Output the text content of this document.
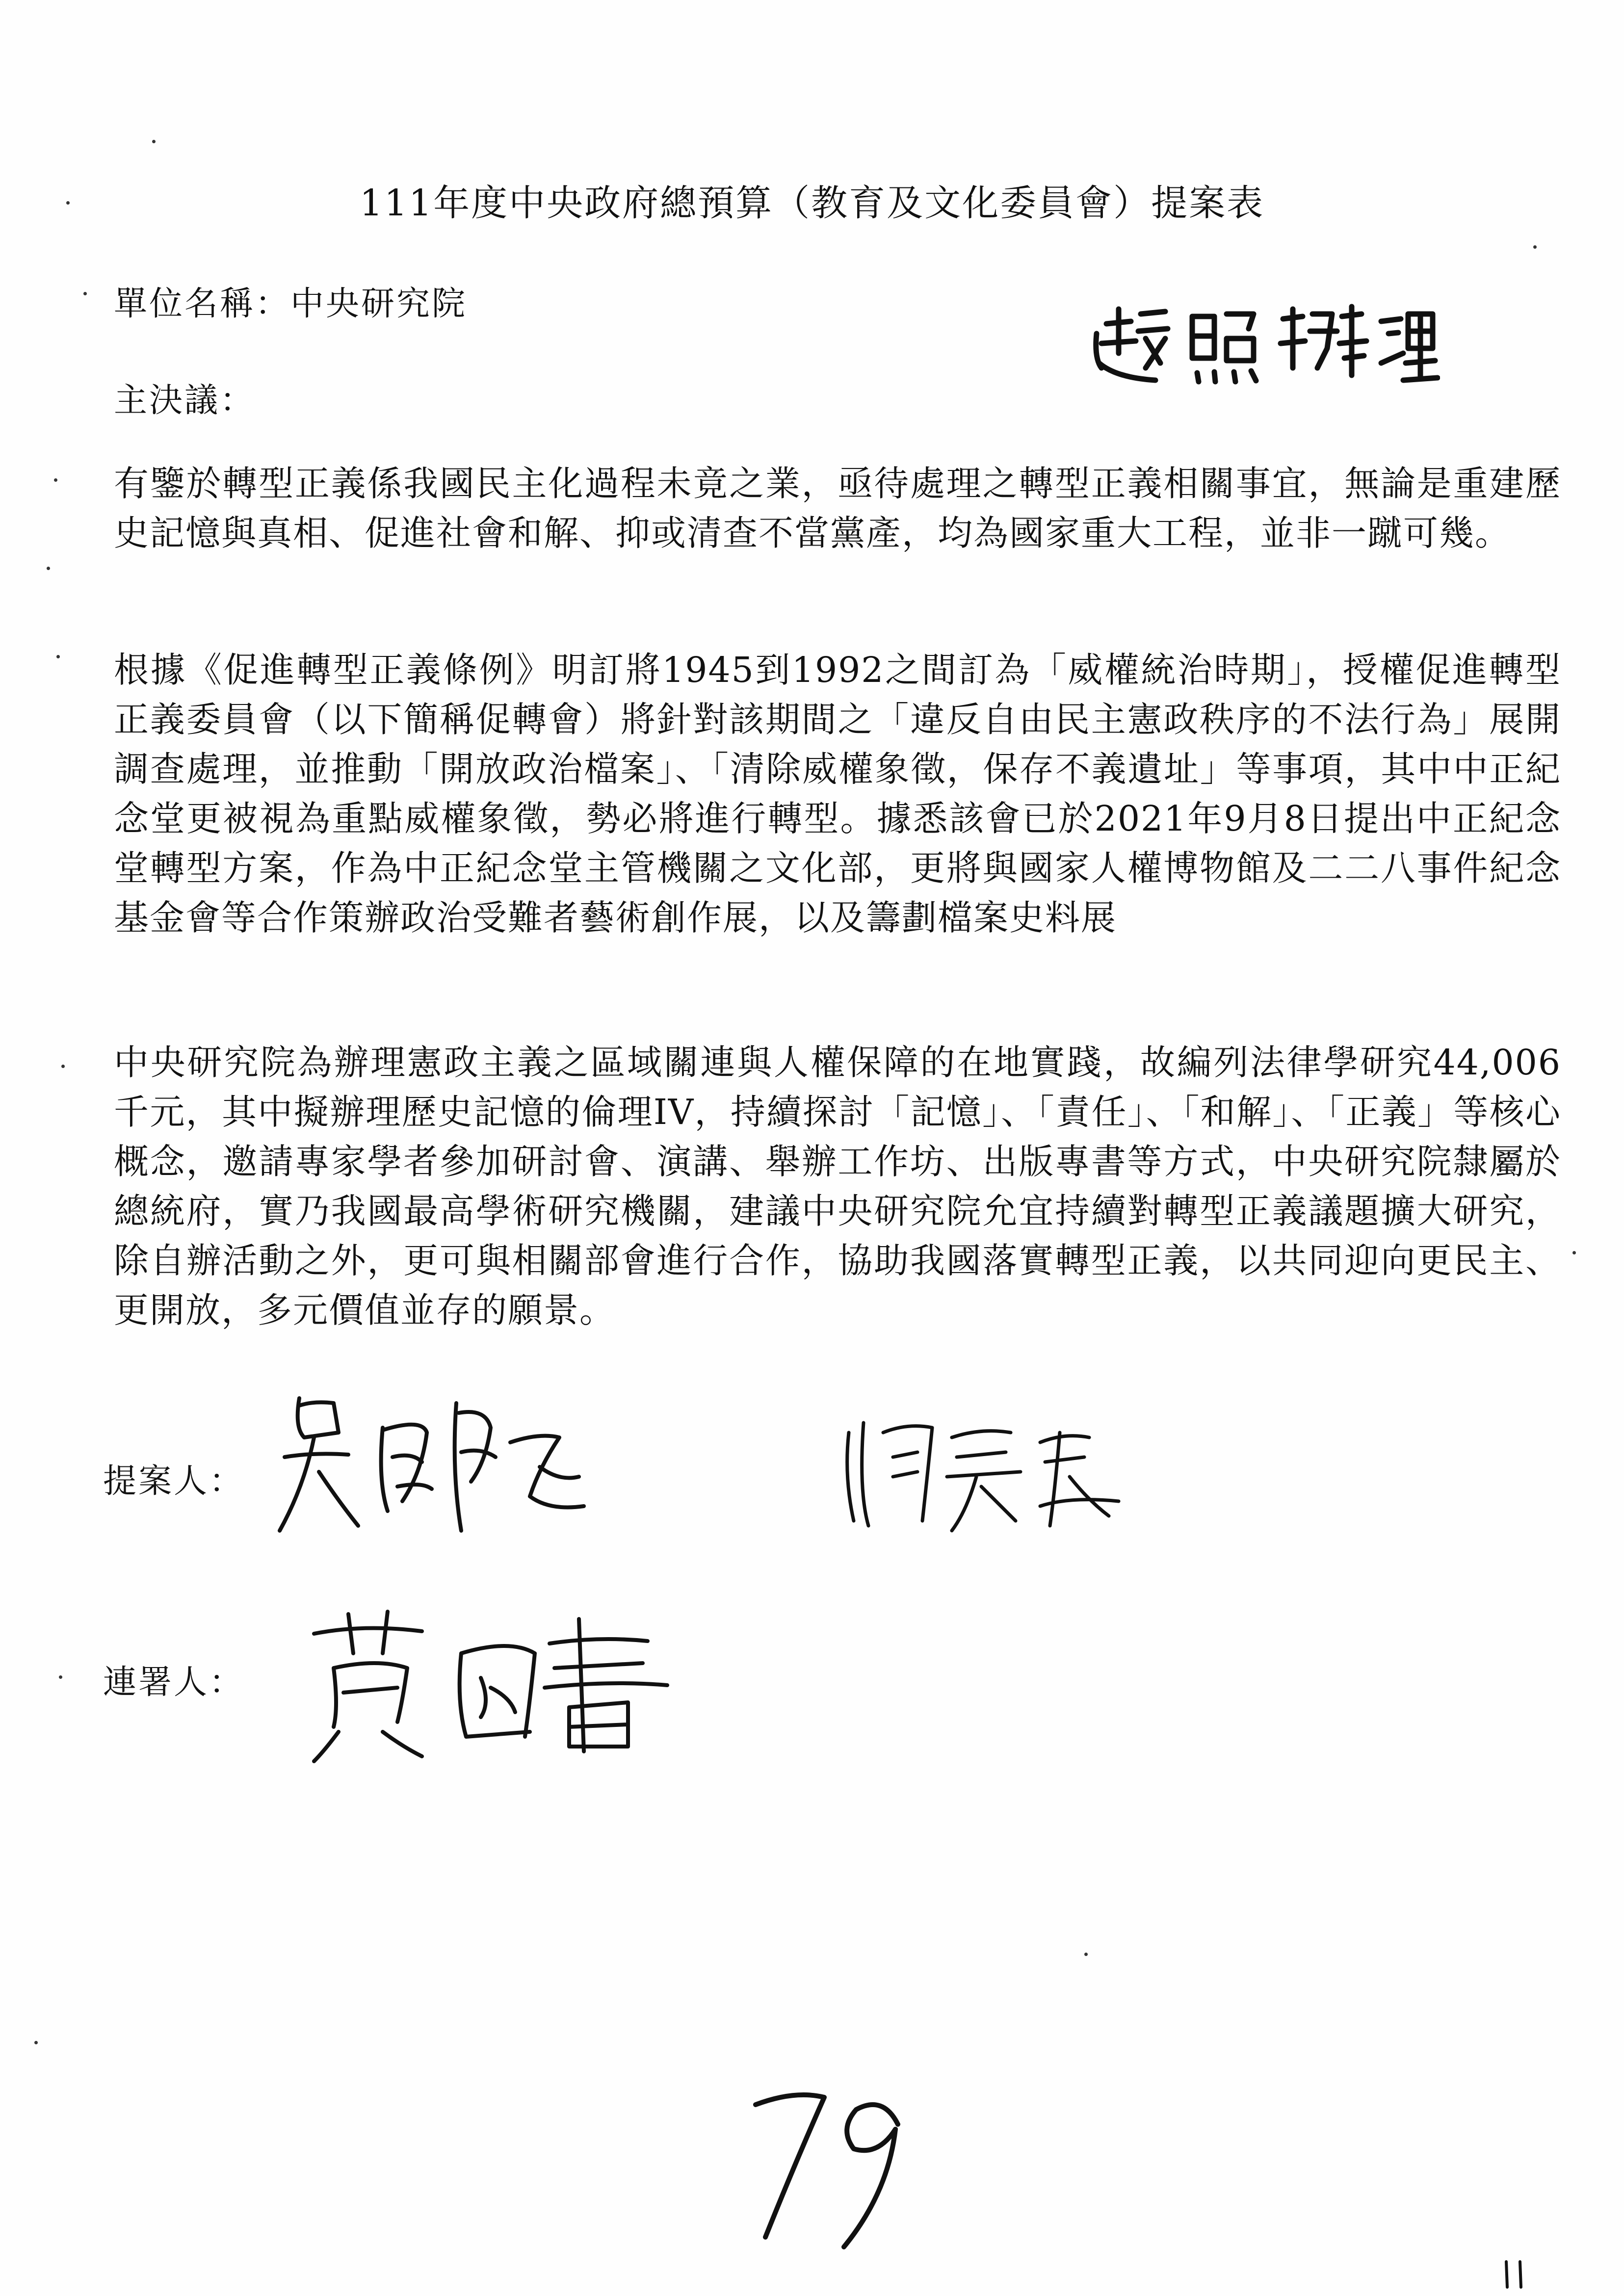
111年度中央政府總預算（教育及文化委員會）提案表
單位名稱：中央研究院
主決議：
有鑒於轉型正義係我國民主化過程未竟之業，亟待處理之轉型正義相關事宜，無論是重建歷史記憶與真相、促進社會和解、抑或清查不當黨產，均為國家重大工程，並非一蹴可幾。
根據《促進轉型正義條例》明訂將1945到1992之間訂為「威權統治時期」，授權促進轉型正義委員會（以下簡稱促轉會）將針對該期間之「違反自由民主憲政秩序的不法行為」展開調查處理，並推動「開放政治檔案」、「清除威權象徵，保存不義遺址」等事項，其中中正紀念堂更被視為重點威權象徵，勢必將進行轉型。據悉該會已於2021年9月8日提出中正紀念堂轉型方案，作為中正紀念堂主管機關之文化部，更將與國家人權博物館及二二八事件紀念基金會等合作策辦政治受難者藝術創作展，以及籌劃檔案史料展
中央研究院為辦理憲政主義之區域關連與人權保障的在地實踐，故編列法律學研究44,006千元，其中擬辦理歷史記憶的倫理IV，持續探討「記憶」、「責任」、「和解」、「正義」等核心概念，邀請專家學者參加研討會、演講、舉辦工作坊、出版專書等方式，中央研究院隸屬於總統府，實乃我國最高學術研究機關，建議中央研究院允宜持續對轉型正義議題擴大研究，除自辦活動之外，更可與相關部會進行合作，協助我國落實轉型正義，以共同迎向更民主、更開放，多元價值並存的願景。
提案人：
連署人：
